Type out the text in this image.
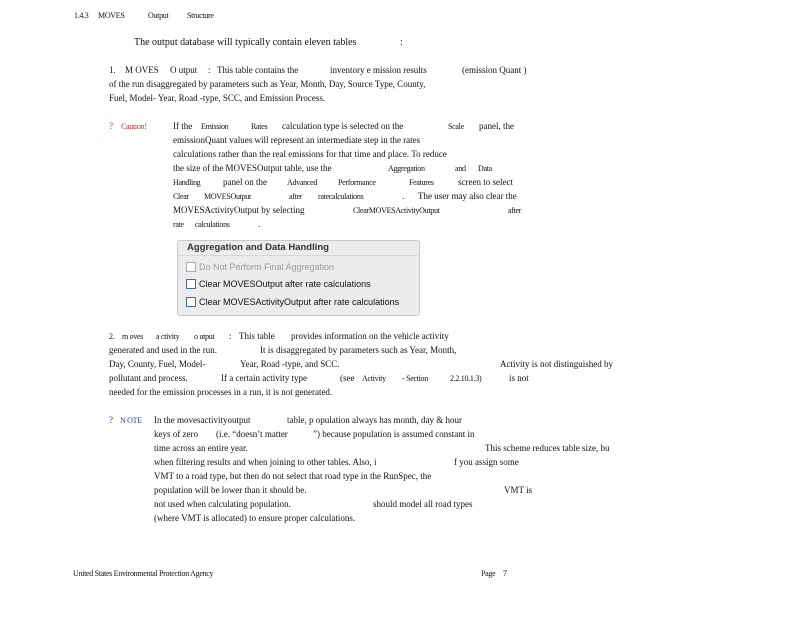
1.4.3 MOVES	Output Structure
The output database will typically contain eleven tables	:
1. M OVES O utput : This table contains the	inventory e mission results	(emission Quant )
of the run disaggregated by parameters such as Year, Month, Day, Source Type, County,
Fuel, Model- Year, Road -type, SCC, and Emission Process.
? Caution!	If the Emission	Rates calculation type is selected on the	Scale panel, the
emissionQuant values will represent an intermediate step in the rates
calculations rather than the real emissions for that time and place. To reduce
the size of the MOVESOutput table, use the	Aggregation	and Data
Handling	panel on the	Advanced	Performance	Features	screen to select
Clear MOVESOutput	after ratecalculations	. The user may also clear the
MOVESActivityOutput by selecting	ClearMOVESActivityOutput	after
rate calculations	.
Aggregation and Data Handling
Do Not Perform Final Aggregation
Clear MOVESOutput after rate calculations
Clear MOVESActivityOutput after rate calculations
2. m oves a ctivity o utput : This table provides information on the vehicle activity
generated and used in the run.	It is disaggregated by parameters such as Year, Month,
Day, County, Fuel, Model-	Year, Road -type, and SCC.	Activity is not distinguished by
pollutant and process.	If a certain activity type	(see Activity - Section	2.2.10.1.3)	is not
needed for the emission processes in a run, it is not generated.
? N OTE In the movesactivityoutput	table, p opulation always has month, day & hour
keys of zero (i.e. “doesn’t matter	”) because population is assumed constant in
time across an entire year.	This scheme reduces table size, bu
when filtering results and when joining to other tables. Also, i	f you assign some
VMT to a road type, but then do not select that road type in the RunSpec, the
population will be lower than it should be.	VMT is
not used when calculating population.	should model all road types
(where VMT is allocated) to ensure proper calculations.
United States Environmental Protection Agency	Page 7
